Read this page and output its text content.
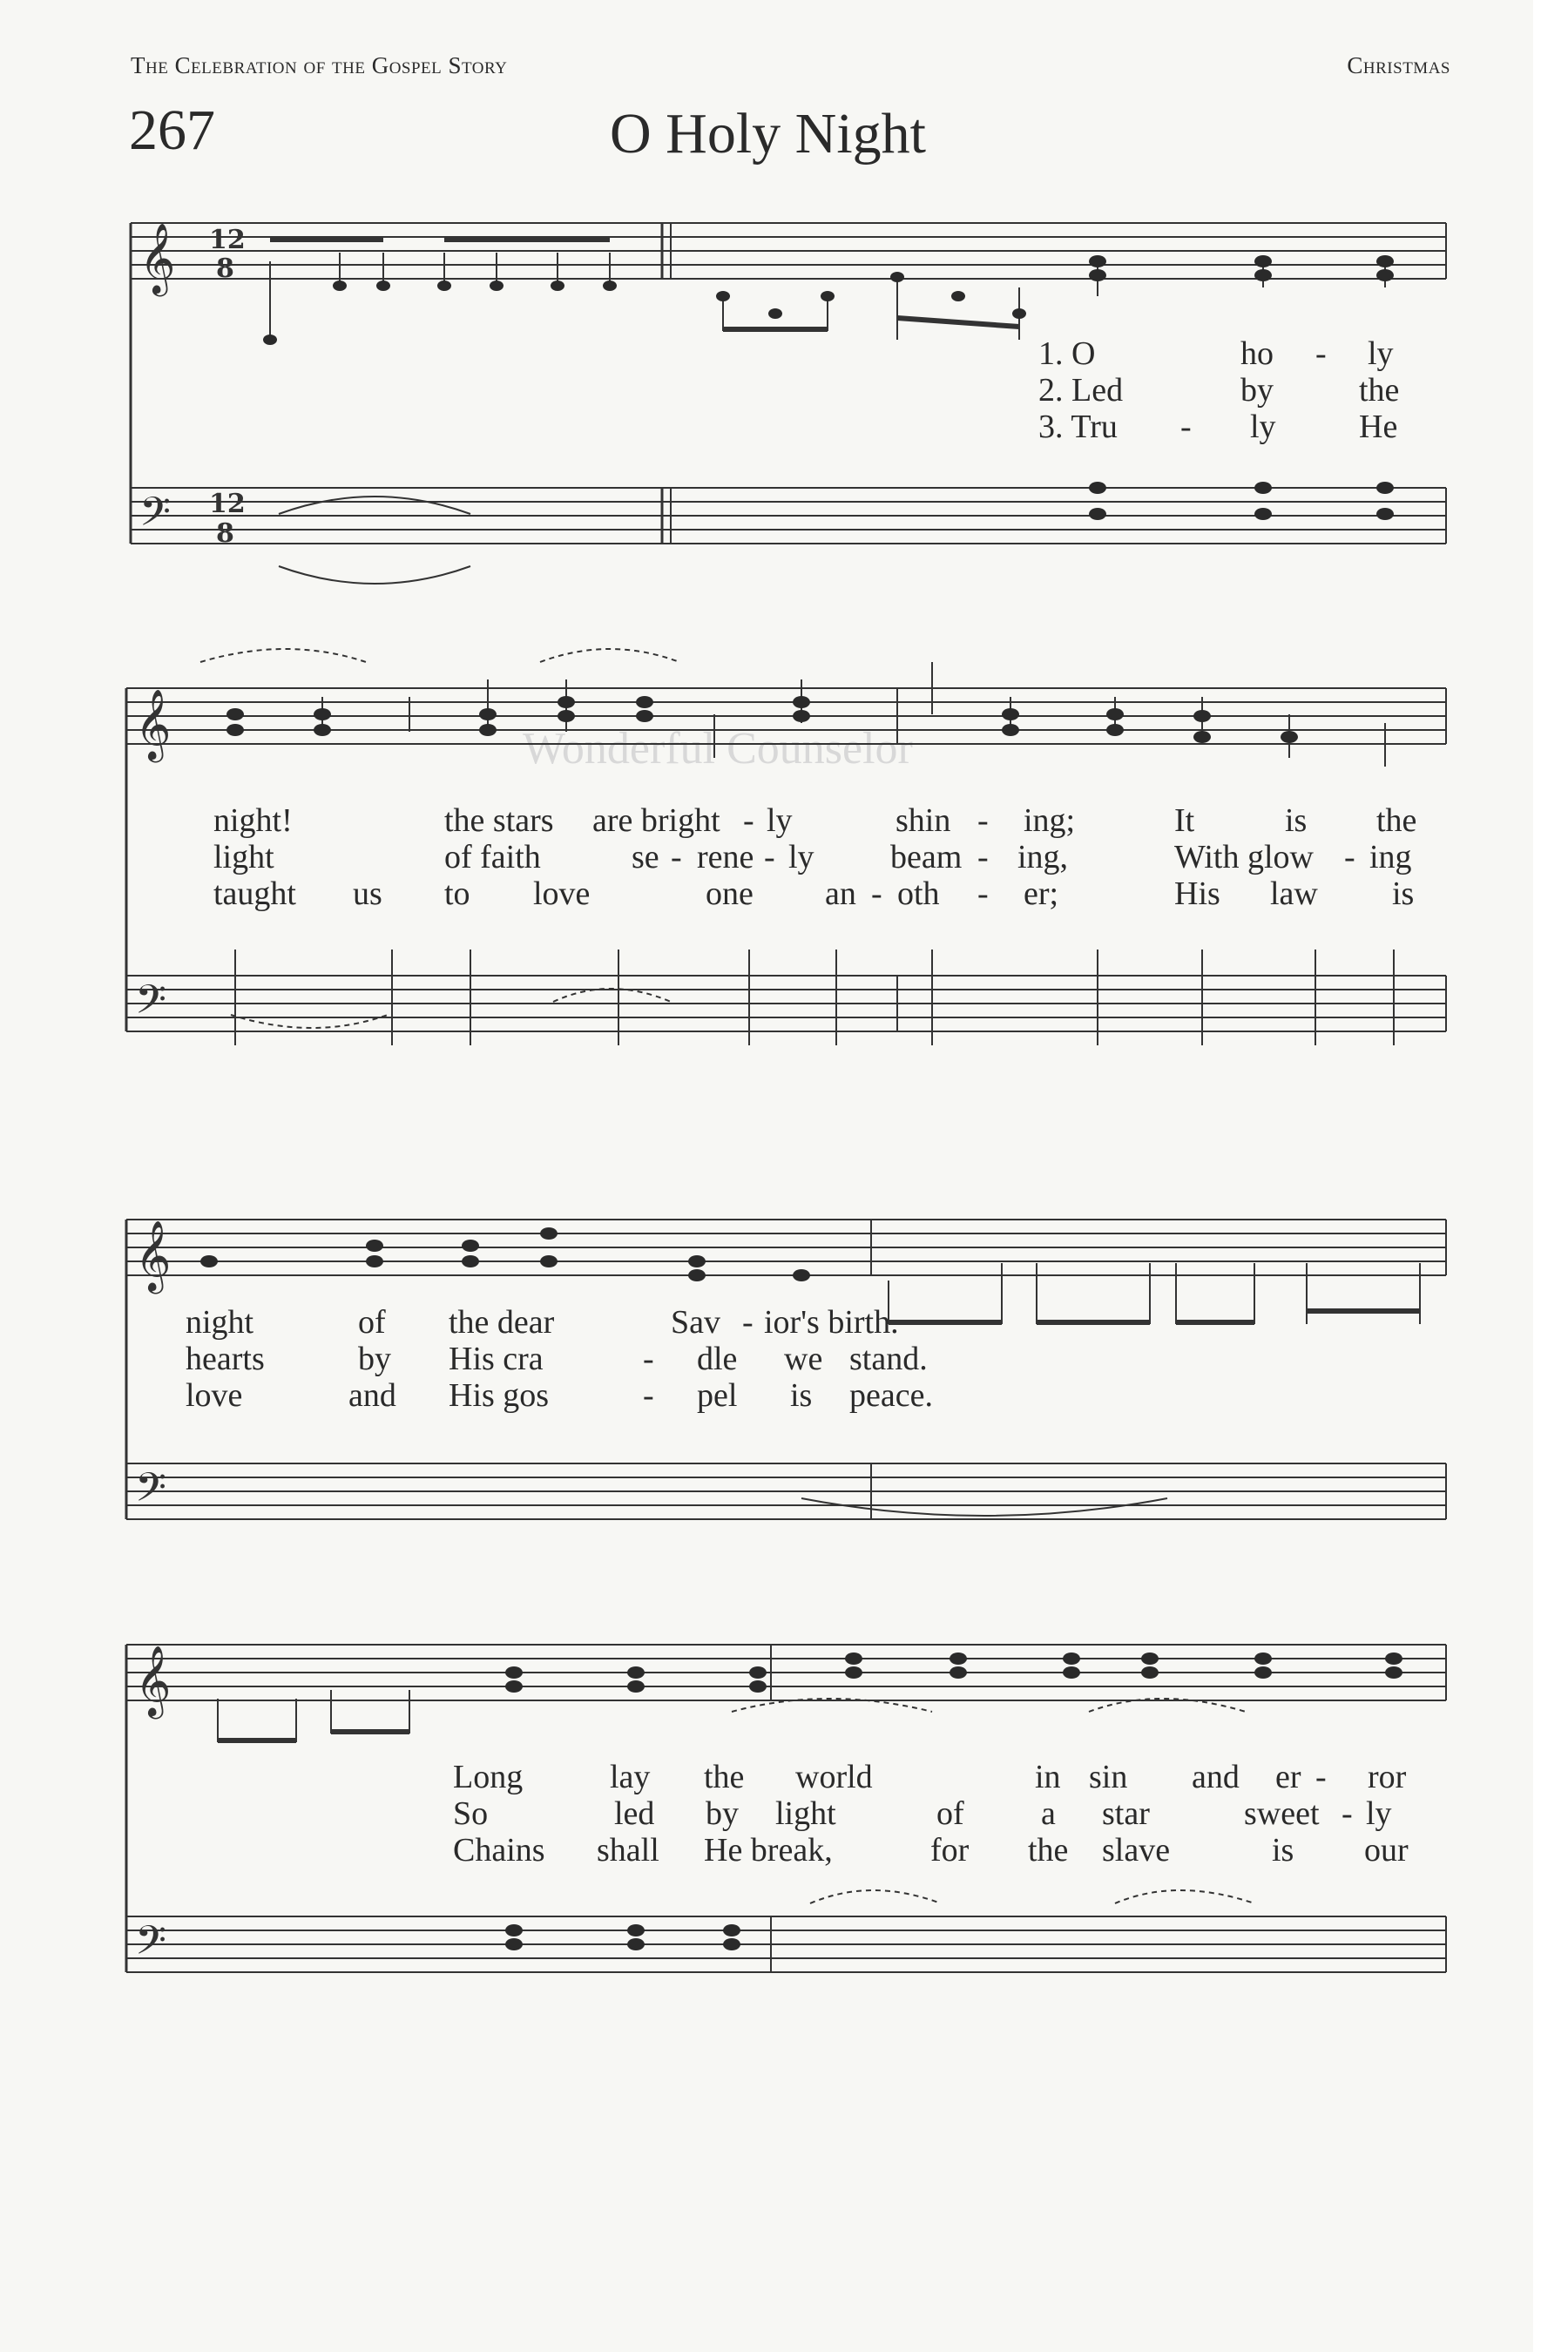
The Celebration of the Gospel Story	Christmas
267	O Holy Night
Wonderful Counselor
𝄞
𝄢
𝄞
𝄢
𝄞
𝄢
𝄞
𝄢
12
8
12
8
1. O	ho - ly
2. Led	by	the
3. Tru - ly	He
night!	the stars are bright - ly	shin - ing;	It	is the
light	of faith	se - rene - ly beam - ing,	With glow - ing
taught us to love	one an - oth - er;	His law is
night	of the dear	Sav - ior's birth.
hearts	by His cra	- dle we stand.
love	and His gos	- pel is peace.
Long	lay the world	in sin and er - ror
So	led by light	of a star	sweet - ly
Chains shall He break,	for the slave	is our
